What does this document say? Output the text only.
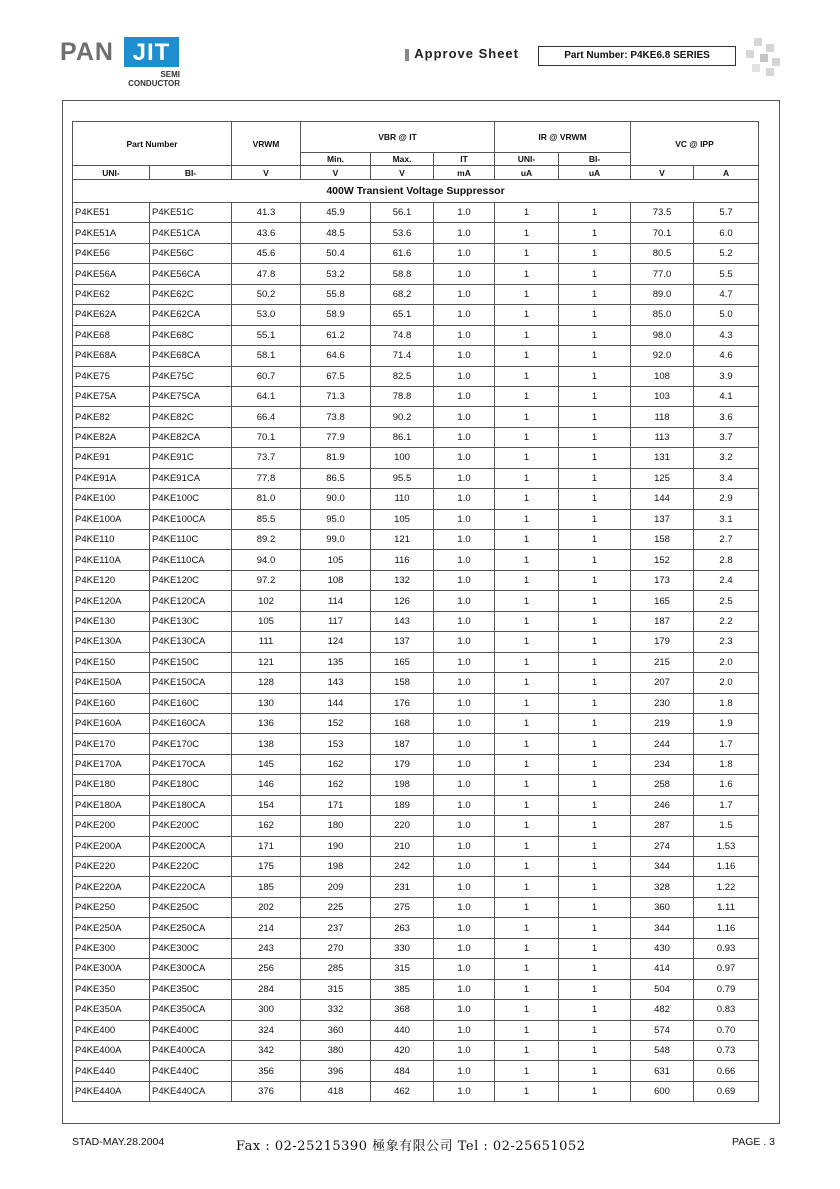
PAN JIT
SEMI
CONDUCTOR
Approve Sheet	Part Number: P4KE6.8 SERIES
Part Number		VRWM	VBR @ IT			IR @ VRWM		VC @ IPP	
			Min.	Max.	IT	UNI-	BI-		
UNI-	BI-	V	V	V	mA	uA	uA	V	A
400W Transient Voltage Suppressor									
P4KE51	P4KE51C	41.3	45.9	56.1	1.0	1	1	73.5	5.7
P4KE51A	P4KE51CA	43.6	48.5	53.6	1.0	1	1	70.1	6.0
P4KE56	P4KE56C	45.6	50.4	61.6	1.0	1	1	80.5	5.2
P4KE56A	P4KE56CA	47.8	53.2	58.8	1.0	1	1	77.0	5.5
P4KE62	P4KE62C	50.2	55.8	68.2	1.0	1	1	89.0	4.7
P4KE62A	P4KE62CA	53.0	58.9	65.1	1.0	1	1	85.0	5.0
P4KE68	P4KE68C	55.1	61.2	74.8	1.0	1	1	98.0	4.3
P4KE68A	P4KE68CA	58.1	64.6	71.4	1.0	1	1	92.0	4.6
P4KE75	P4KE75C	60.7	67.5	82.5	1.0	1	1	108	3.9
P4KE75A	P4KE75CA	64.1	71.3	78.8	1.0	1	1	103	4.1
P4KE82	P4KE82C	66.4	73.8	90.2	1.0	1	1	118	3.6
P4KE82A	P4KE82CA	70.1	77.9	86.1	1.0	1	1	113	3.7
P4KE91	P4KE91C	73.7	81.9	100	1.0	1	1	131	3.2
P4KE91A	P4KE91CA	77.8	86.5	95.5	1.0	1	1	125	3.4
P4KE100	P4KE100C	81.0	90.0	110	1.0	1	1	144	2.9
P4KE100A	P4KE100CA	85.5	95.0	105	1.0	1	1	137	3.1
P4KE110	P4KE110C	89.2	99.0	121	1.0	1	1	158	2.7
P4KE110A	P4KE110CA	94.0	105	116	1.0	1	1	152	2.8
P4KE120	P4KE120C	97.2	108	132	1.0	1	1	173	2.4
P4KE120A	P4KE120CA	102	114	126	1.0	1	1	165	2.5
P4KE130	P4KE130C	105	117	143	1.0	1	1	187	2.2
P4KE130A	P4KE130CA	111	124	137	1.0	1	1	179	2.3
P4KE150	P4KE150C	121	135	165	1.0	1	1	215	2.0
P4KE150A	P4KE150CA	128	143	158	1.0	1	1	207	2.0
P4KE160	P4KE160C	130	144	176	1.0	1	1	230	1.8
P4KE160A	P4KE160CA	136	152	168	1.0	1	1	219	1.9
P4KE170	P4KE170C	138	153	187	1.0	1	1	244	1.7
P4KE170A	P4KE170CA	145	162	179	1.0	1	1	234	1.8
P4KE180	P4KE180C	146	162	198	1.0	1	1	258	1.6
P4KE180A	P4KE180CA	154	171	189	1.0	1	1	246	1.7
P4KE200	P4KE200C	162	180	220	1.0	1	1	287	1.5
P4KE200A	P4KE200CA	171	190	210	1.0	1	1	274	1.53
P4KE220	P4KE220C	175	198	242	1.0	1	1	344	1.16
P4KE220A	P4KE220CA	185	209	231	1.0	1	1	328	1.22
P4KE250	P4KE250C	202	225	275	1.0	1	1	360	1.11
P4KE250A	P4KE250CA	214	237	263	1.0	1	1	344	1.16
P4KE300	P4KE300C	243	270	330	1.0	1	1	430	0.93
P4KE300A	P4KE300CA	256	285	315	1.0	1	1	414	0.97
P4KE350	P4KE350C	284	315	385	1.0	1	1	504	0.79
P4KE350A	P4KE350CA	300	332	368	1.0	1	1	482	0.83
P4KE400	P4KE400C	324	360	440	1.0	1	1	574	0.70
P4KE400A	P4KE400CA	342	380	420	1.0	1	1	548	0.73
P4KE440	P4KE440C	356	396	484	1.0	1	1	631	0.66
P4KE440A	P4KE440CA	376	418	462	1.0	1	1	600	0.69
STAD-MAY.28.2004	Fax : 02-25215390 極象有限公司 Tel : 02-25651052	PAGE . 3
